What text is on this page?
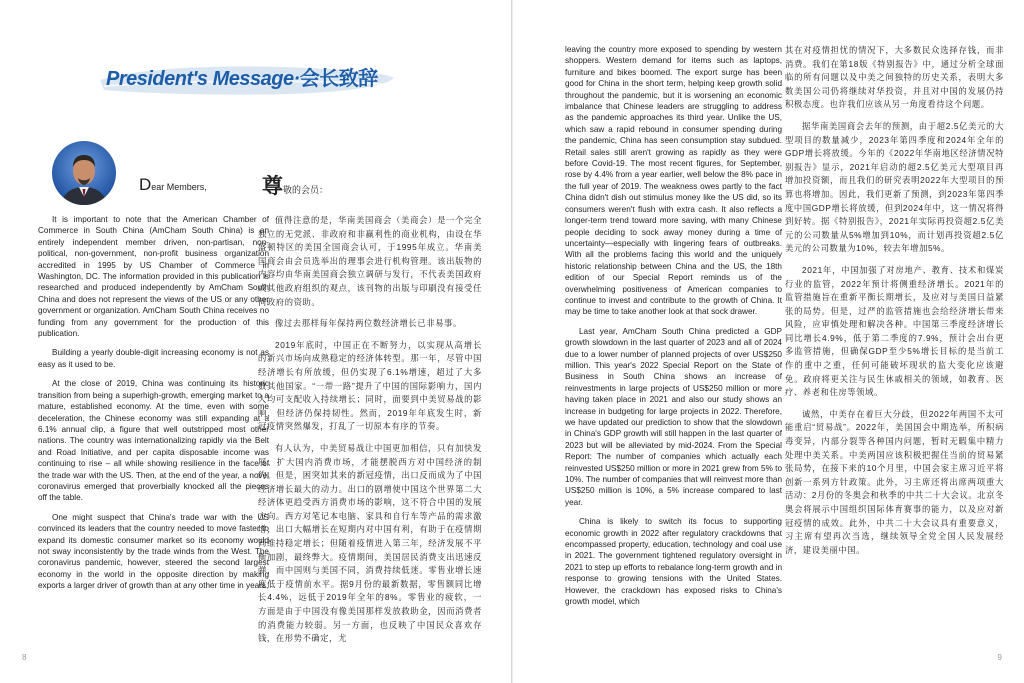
President's Message·会长致辞
Dear Members,	尊敬的会员：

It is important to note that the American Chamber of Commerce in South China (AmCham South China) is an entirely independent member driven, non-partisan, non-political, non-government, non-profit business organization accredited in 1995 by US Chamber of Commerce in Washington, DC. The information provided in this publication is researched and produced independently by AmCham South China and does not represent the views of the US or any other government or organization. AmCham South China receives no funding from any government for the production of this publication.

Building a yearly double-digit increasing economy is not as easy as it used to be.

At the close of 2019, China was continuing its historic transition from being a superhigh-growth, emerging market to a mature, established economy. At the time, even with some deceleration, the Chinese economy was still expanding at a 6.1% annual clip, a figure that well outstripped most other nations. The country was internationalizing rapidly via the Belt and Road Initiative, and per capita disposable income was continuing to rise – all while showing resilience in the face of the trade war with the US. Then, at the end of the year, a novel coronavirus emerged that proverbially knocked all the pieces off the table.

One might suspect that China's trade war with the US convinced its leaders that the country needed to move faster to expand its domestic consumer market so its economy would not sway inconsistently by the trade winds from the West. The coronavirus pandemic, however, steered the second largest economy in the world in the opposite direction by making exports a larger driver of growth than at any other time in years,

值得注意的是，华南美国商会（美商会）是一个完全独立的无党派、非政府和非赢利性的商业机构，由设在华盛顿特区的美国全国商会认可，于1995年成立。华南美国商会由会员选举出的理事会进行机构管理。该出版物的内容均由华南美国商会独立调研与发行，不代表美国政府或其他政府组织的观点，该刊物的出版与印刷没有接受任何政府的资助。

像过去那样每年保持两位数经济增长已非易事。

2019年底时，中国正在不断努力，以实现从高增长的新兴市场向成熟稳定的经济体转型。那一年，尽管中国经济增长有所放缓，但仍实现了6.1%增速，超过了大多数其他国家。“一带一路”提升了中国的国际影响力，国内人均可支配收入持续增长；同时，面要到中美贸易战的影响，但经济仍保持韧性。然而，2019年年底发生时，新冠疫情突然爆发，打乱了一切原本有序的节奏。

有人认为，中美贸易战让中国更加相信，只有加快发展、扩大国内消费市场，才能摆脱西方对中国经济的制约。但是，困突如其来的新冠疫情，出口反而成为了中国经济增长最大的动力。出口的剧增使中国这个世界第二大经济体更趋受西方消费市场的影响，这不符合中国的发展方向。西方对笔记本电脑、家具和自行车等产品的需求激增，出口大幅增长在短期内对中国有利，有助于在疫情期间维持稳定增长；但随着疫情进入第三年，经济发展不平衡加剧，最终弊大。疫情期间，美国居民消费支出迅速反弹，而中国则与美国不同，消费持续低迷。零售业增长速度低于疫情前水平。据9月份的最新数据，零售额同比增长4.4%，远低于2019年全年的8%。零售业的疲软，一方面是由于中国没有像美国那样发放救助金，因而消费者的消费能力较弱。另一方面，也反映了中国民众喜欢存钱，在形势不确定，尤

8

leaving the country more exposed to spending by western shoppers. Western demand for items such as laptops, furniture and bikes boomed. The export surge has been good for China in the short term, helping keep growth solid throughout the pandemic, but it is worsening an economic imbalance that Chinese leaders are struggling to address as the pandemic approaches its third year. Unlike the US, which saw a rapid rebound in consumer spending during the pandemic, China has seen consumption stay subdued. Retail sales still aren't growing as rapidly as they were before Covid-19. The most recent figures, for September, rose by 4.4% from a year earlier, well below the 8% pace in the full year of 2019. The weakness owes partly to the fact China didn't dish out stimulus money like the US did, so its consumers weren't flush with extra cash. It also reflects a longer-term trend toward more saving, with many Chinese people deciding to sock away money during a time of uncertainty—especially with lingering fears of outbreaks. With all the problems facing this world and the uniquely historic relationship between China and the US, the 18th edition of our Special Report reminds us of the overwhelming positiveness of American companies to continue to invest and contribute to the growth of China. It may be time to take another look at that sock drawer.

Last year, AmCham South China predicted a GDP growth slowdown in the last quarter of 2023 and all of 2024 due to a lower number of planned projects of over US$250 million. This year's 2022 Special Report on the State of Business in South China shows an increase of reinvestments in large projects of US$250 million or more having taken place in 2021 and also our study shows an increase in budgeting for large projects in 2022. Therefore, we have updated our prediction to show that the slowdown in China's GDP growth will still happen in the last quarter of 2023 but will be alleviated by mid-2024. From the Special Report: The number of companies which actually each reinvested US$250 million or more in 2021 grew from 5% to 10%. The number of companies that will reinvest more than US$250 million is 10%, a 5% increase compared to last year.

China is likely to switch its focus to supporting economic growth in 2022 after regulatory crackdowns that encompassed property, education, technology and coal use in 2021. The government tightened regulatory oversight in 2021 to step up efforts to rebalance long-term growth and in response to growing tensions with the United States. However, the crackdown has exposed risks to China's growth model, which

其在对疫情担忧的情况下，大多数民众选择存钱，而非消费。我们在第18版《特别报告》中，通过分析全球面临的所有问题以及中美之间独特的历史关系，表明大多数美国公司仍将继续对华投资，并且对中国的发展仍持积极态度。也许我们应该从另一角度看待这个问题。

据华南美国商会去年的预测，由于超2.5亿美元的大型项目的数量减少，2023年第四季度和2024年全年的GDP增长将放缓。今年的《2022年华南地区经济情况特别报告》显示，2021年启动的超2.5亿美元大型项目再增加投资额，而且我们的研究表明2022年大型项目的预算也将增加。因此，我们更新了预测，到2023年第四季度中国GDP增长将放缓，但到2024年中，这一情况将得到好转。据《特别报告》，2021年实际再投资超2.5亿美元的公司数量从5%增加到10%，而计划再投资超2.5亿美元的公司数量为10%，较去年增加5%。

2021年，中国加强了对房地产、教育、技术和煤炭行业的监管，2022年预计将侧重经济增长。2021年的监管措施旨在重新平衡长期增长，及应对与美国日益紧张的局势。但是，过严的监管措施也会给经济增长带来风险，应审慎处理和解决各种。中国第三季度经济增长同比增长4.9%，低于第二季度的7.9%，预计会出台更多监管措施，但确保GDP至少5%增长目标的是当前工作的重中之重，任何可能破坏现状的监大变化应该避免。政府将更关注与民生休戚相关的领域，如教育、医疗、养老和住房等领域。

诚然，中美存在着巨大分歧，但2022年两国不太可能重启“贸易战”。2022年，美国国会中期选举，所积病毒变异，内部分裂等各种国内问题，暂时无暇集中精力处理中美关系。中美两国应该积极把握住当前的贸易紧张局势，在接下来的10个月里，中国会家主席习近平将创新一系列方针政策。此外，习主席还将出席两项重大活动：2月份的冬奥会和秋季的中共二十大会议。北京冬奥会将展示中国组织国际体育赛事的能力，以及应对新冠疫情的成效。此外，中共二十大会议具有重要意义，习主席有望再次当选，继续领导全党全国人民发展经济，建设美丽中国。

9
